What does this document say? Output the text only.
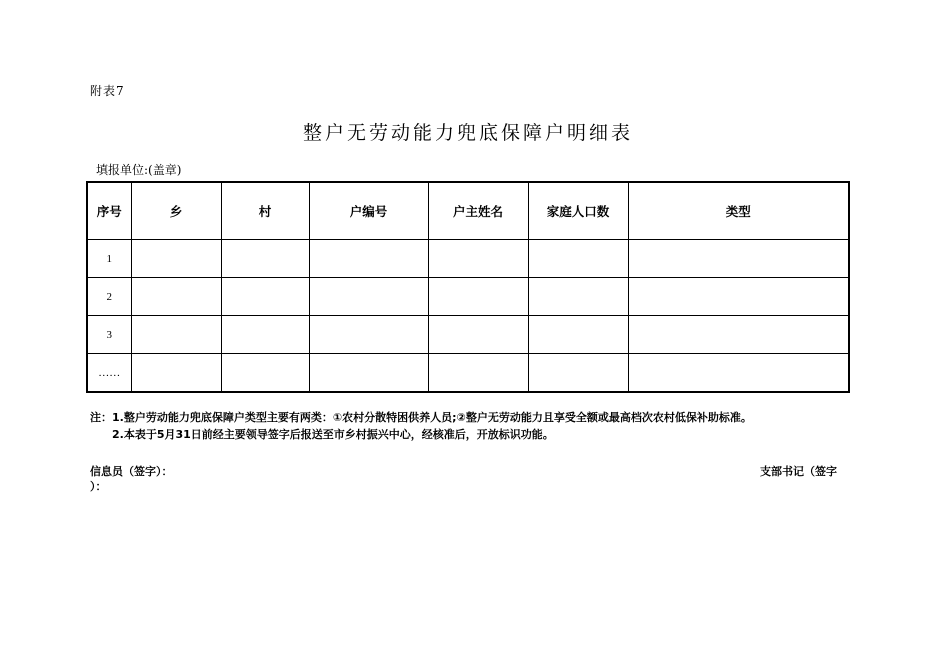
附表7
整户无劳动能力兜底保障户明细表
填报单位:(盖章)
序号	乡	村	户编号	户主姓名	家庭人口数	类型
1						
2						
3						
……						
注：1.整户劳动能力兜底保障户类型主要有两类：①农村分散特困供养人员;②整户无劳动能力且享受全额或最高档次农村低保补助标准。
2.本表于5月31日前经主要领导签字后报送至市乡村振兴中心，经核准后，开放标识功能。
信息员（签字）：	支部书记（签字
）：
